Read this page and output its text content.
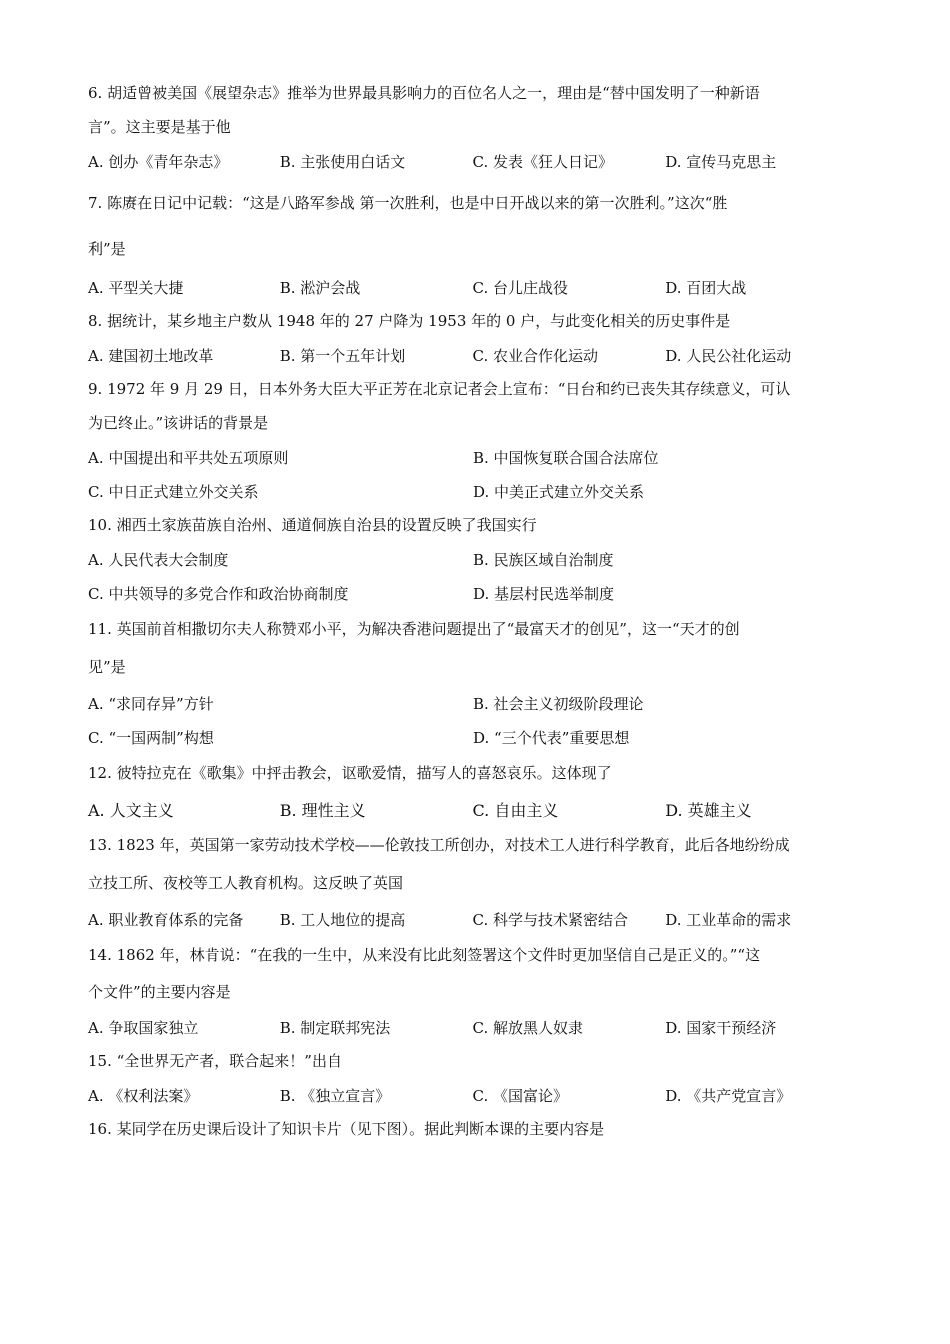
6. 胡适曾被美国《展望杂志》推举为世界最具影响力的百位名人之一，理由是“替中国发明了一种新语

言”。这主要是基于他

A. 创办《青年杂志》	B. 主张使用白话文	C. 发表《狂人日记》	D. 宣传马克思主

7. 陈赓在日记中记载：“这是八路军参战 第一次胜利，也是中日开战以来的第一次胜利。”这次“胜

利”是

A. 平型关大捷	B. 淞沪会战	C. 台儿庄战役	D. 百团大战

8. 据统计，某乡地主户数从 1948 年的 27 户降为 1953 年的 0 户，与此变化相关的历史事件是

A. 建国初土地改革	B. 第一个五年计划	C. 农业合作化运动	D. 人民公社化运动

9. 1972 年 9 月 29 日，日本外务大臣大平正芳在北京记者会上宣布：“日台和约已丧失其存续意义，可认

为已终止。”该讲话的背景是

A. 中国提出和平共处五项原则	B. 中国恢复联合国合法席位
C. 中日正式建立外交关系	D. 中美正式建立外交关系

10. 湘西土家族苗族自治州、通道侗族自治县的设置反映了我国实行

A. 人民代表大会制度	B. 民族区域自治制度
C. 中共领导的多党合作和政治协商制度	D. 基层村民选举制度

11. 英国前首相撒切尔夫人称赞邓小平，为解决香港问题提出了“最富天才的创见”，这一“天才的创

见”是

A. “求同存异”方针	B. 社会主义初级阶段理论
C. “一国两制”构想	D. “三个代表”重要思想

12. 彼特拉克在《歌集》中抨击教会，讴歌爱情，描写人的喜怒哀乐。这体现了

A. 人文主义	B. 理性主义	C. 自由主义	D. 英雄主义

13. 1823 年，英国第一家劳动技术学校——伦敦技工所创办，对技术工人进行科学教育，此后各地纷纷成

立技工所、夜校等工人教育机构。这反映了英国

A. 职业教育体系的完备	B. 工人地位的提高	C. 科学与技术紧密结合	D. 工业革命的需求

14. 1862 年，林肯说：“在我的一生中，从来没有比此刻签署这个文件时更加坚信自己是正义的。”“这

个文件”的主要内容是

A. 争取国家独立	B. 制定联邦宪法	C. 解放黑人奴隶	D. 国家干预经济

15. “全世界无产者，联合起来！”出自

A. 《权利法案》	B. 《独立宣言》	C. 《国富论》	D. 《共产党宣言》

16. 某同学在历史课后设计了知识卡片（见下图）。据此判断本课的主要内容是
